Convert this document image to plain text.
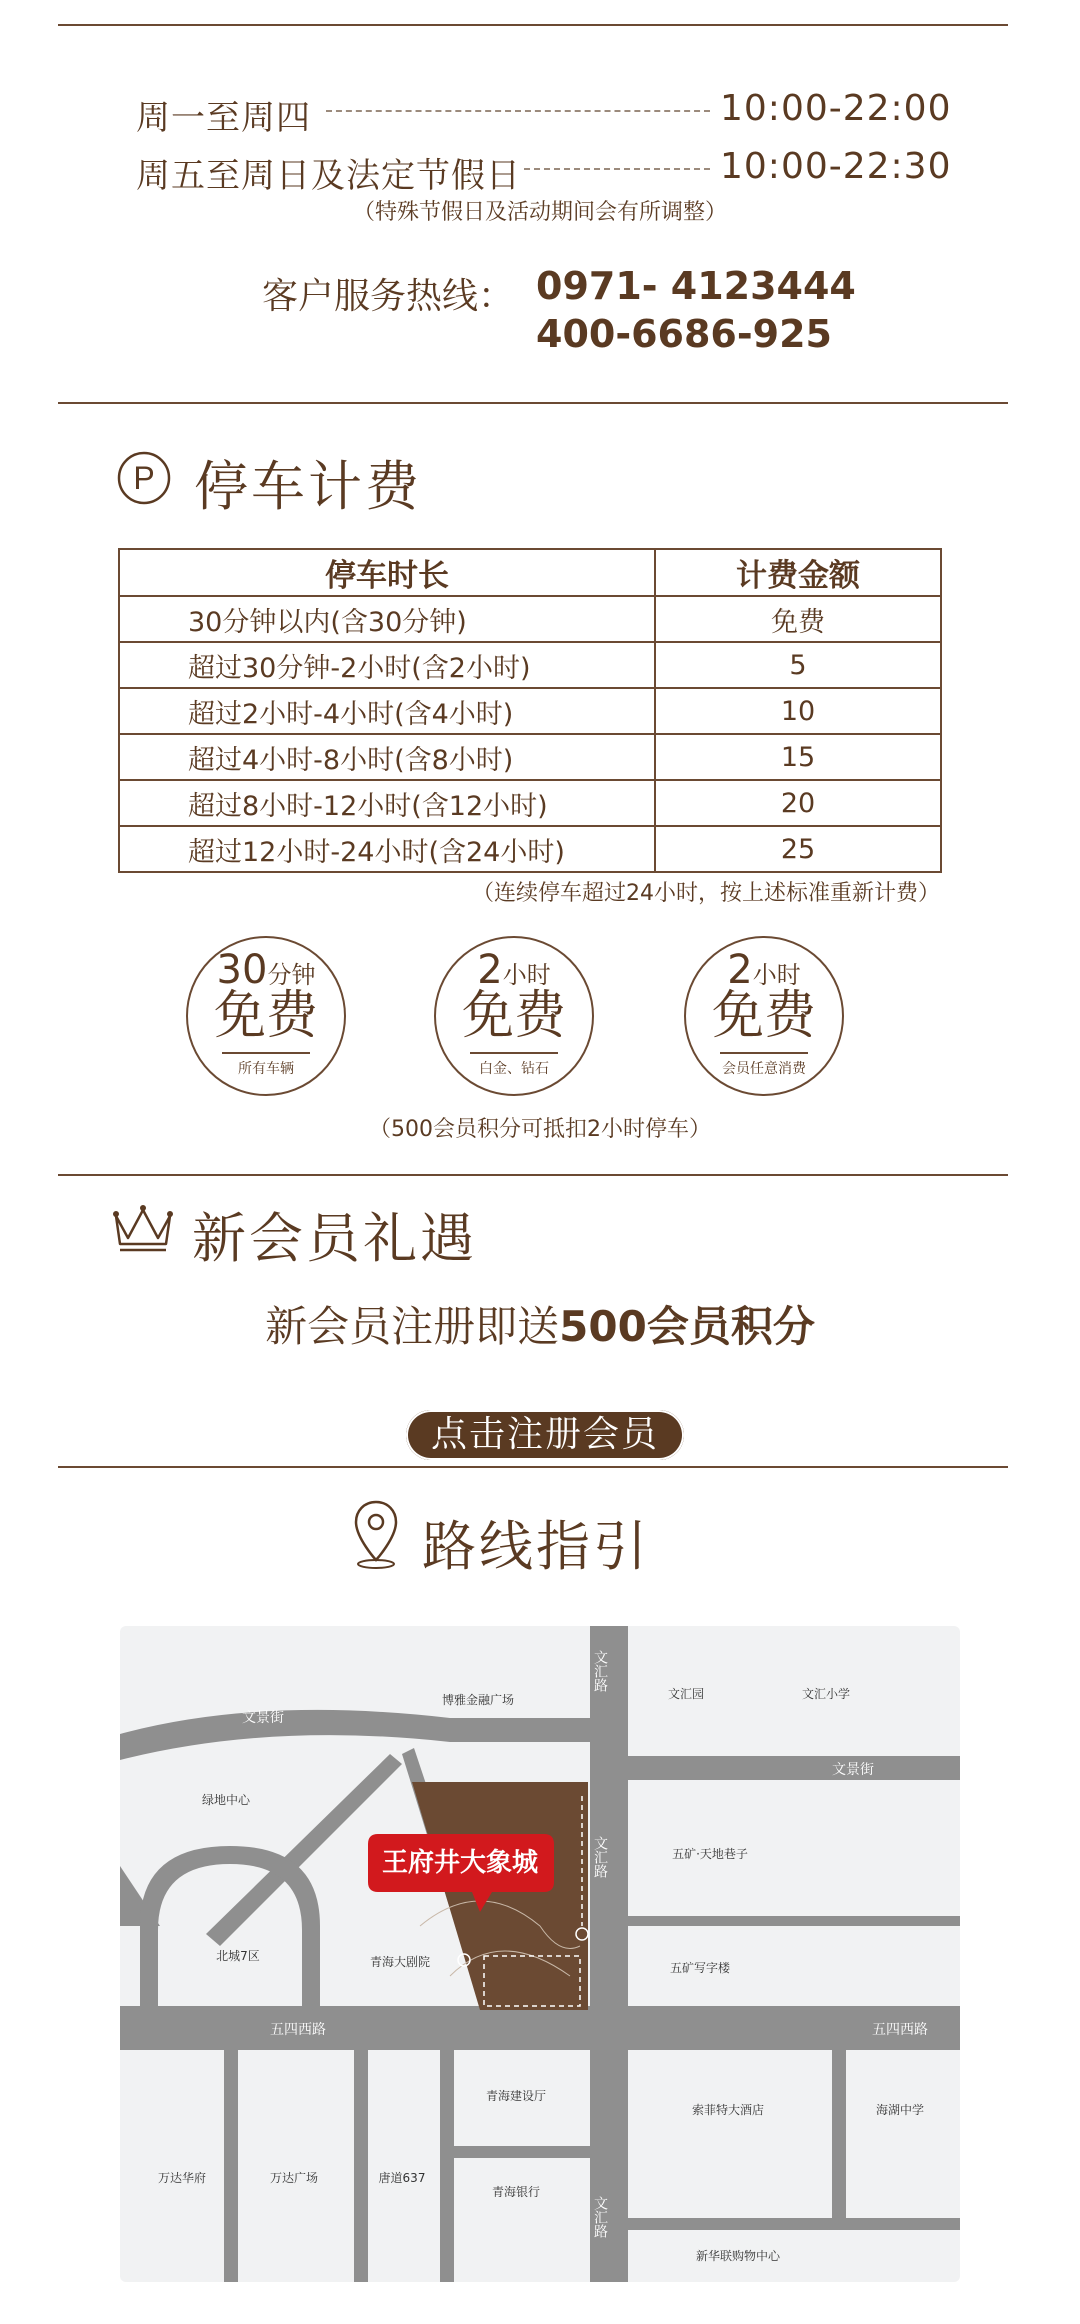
周一至周四	10:00-22:00
周五至周日及法定节假日	10:00-22:30
（特殊节假日及活动期间会有所调整）
客户服务热线： 0971- 4123444
400-6686-925
P 停车计费
停车时长	计费金额
30分钟以内(含30分钟)	免费
超过30分钟-2小时(含2小时)	5
超过2小时-4小时(含4小时)	10
超过4小时-8小时(含8小时)	15
超过8小时-12小时(含12小时)	20
超过12小时-24小时(含24小时)	25
（连续停车超过24小时，按上述标准重新计费）
30分钟
免费
所有车辆
2小时
免费
白金、钻石
2小时
免费
会员任意消费
（500会员积分可抵扣2小时停车）
新会员礼遇
新会员注册即送500会员积分
点击注册会员
路线指引
王府井大象城
文景街
文景街
五四西路	五四西路
文汇路
文汇路
文汇路
博雅金融广场	文汇园	文汇小学
绿地中心
五矿·天地巷子
北城7区	青海大剧院	五矿写字楼
青海建设厅
索菲特大酒店	海湖中学
万达华府	万达广场	唐道637
青海银行
新华联购物中心
